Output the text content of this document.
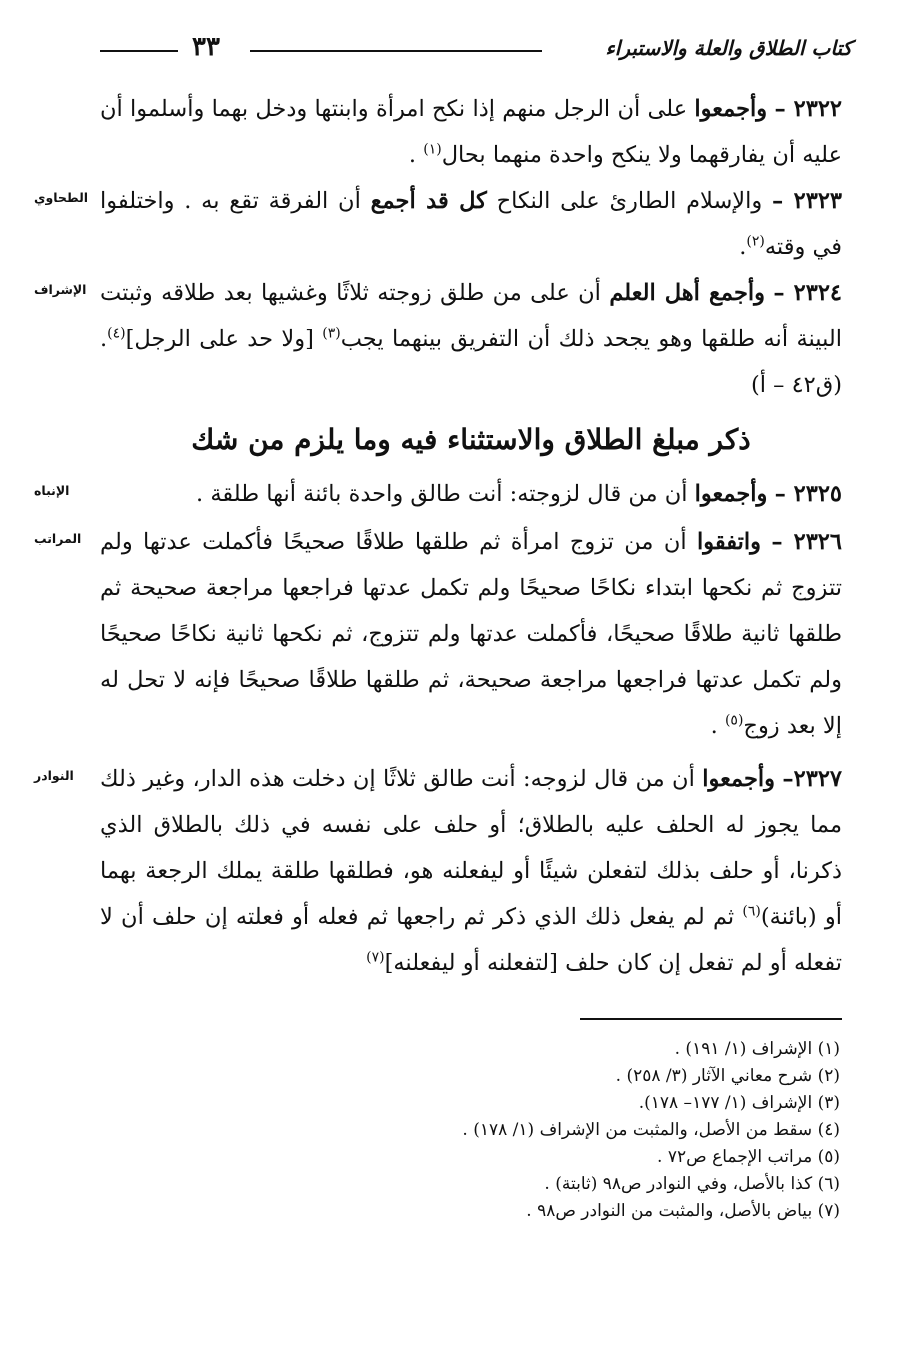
كتاب الطلاق والعلة والاستبراء
٣٣
٢٣٢٢ – وأجمعوا على أن الرجل منهم إذا نكح امرأة وابنتها ودخل بهما وأسلموا أن عليه أن يفارقهما ولا ينكح واحدة منهما بحال$^{(١)}$ .
٢٣٢٣ – والإسلام الطارئ على النكاح كل قد أجمع أن الفرقة تقع به . واختلفوا في وقته$^{(٢)}$.
الطحاوي
٢٣٢٤ – وأجمع أهل العلم أن على من طلق زوجته ثلاثًا وغشيها بعد طلاقه وثبتت البينة أنه طلقها وهو يجحد ذلك أن التفريق بينهما يجب$^{(٣)}$ [ولا حد على الرجل]$^{(٤)}$. (ق٤٢ – أ)
الإشراف
ذكر مبلغ الطلاق والاستثناء فيه وما يلزم من شك
٢٣٢٥ – وأجمعوا أن من قال لزوجته: أنت طالق واحدة بائنة أنها طلقة .
الإنباه
٢٣٢٦ – واتفقوا أن من تزوج امرأة ثم طلقها طلاقًا صحيحًا فأكملت عدتها ولم تتزوج ثم نكحها ابتداء نكاحًا صحيحًا ولم تكمل عدتها فراجعها مراجعة صحيحة ثم طلقها ثانية طلاقًا صحيحًا، فأكملت عدتها ولم تتزوج، ثم نكحها ثانية نكاحًا صحيحًا ولم تكمل عدتها فراجعها مراجعة صحيحة، ثم طلقها طلاقًا صحيحًا فإنه لا تحل له إلا بعد زوج$^{(٥)}$ .
المراتب
٢٣٢٧– وأجمعوا أن من قال لزوجه: أنت طالق ثلاثًا إن دخلت هذه الدار، وغير ذلك مما يجوز له الحلف عليه بالطلاق؛ أو حلف على نفسه في ذلك بالطلاق الذي ذكرنا، أو حلف بذلك لتفعلن شيئًا أو ليفعلنه هو، فطلقها طلقة يملك الرجعة بهما أو (بائنة)$^{(٦)}$ ثم لم يفعل ذلك الذي ذكر ثم راجعها ثم فعله أو فعلته إن حلف أن لا تفعله أو لم تفعل إن كان حلف [لتفعلنه أو ليفعلنه]$^{(٧)}$
النوادر
(١) الإشراف (١/ ١٩١) .
(٢) شرح معاني الآثار (٣/ ٢٥٨) .
(٣) الإشراف (١/ ١٧٧– ١٧٨).
(٤) سقط من الأصل، والمثبت من الإشراف (١/ ١٧٨) .
(٥) مراتب الإجماع ص٧٢ .
(٦) كذا بالأصل، وفي النوادر ص٩٨ (ثابتة) .
(٧) بياض بالأصل، والمثبت من النوادر ص٩٨ .
